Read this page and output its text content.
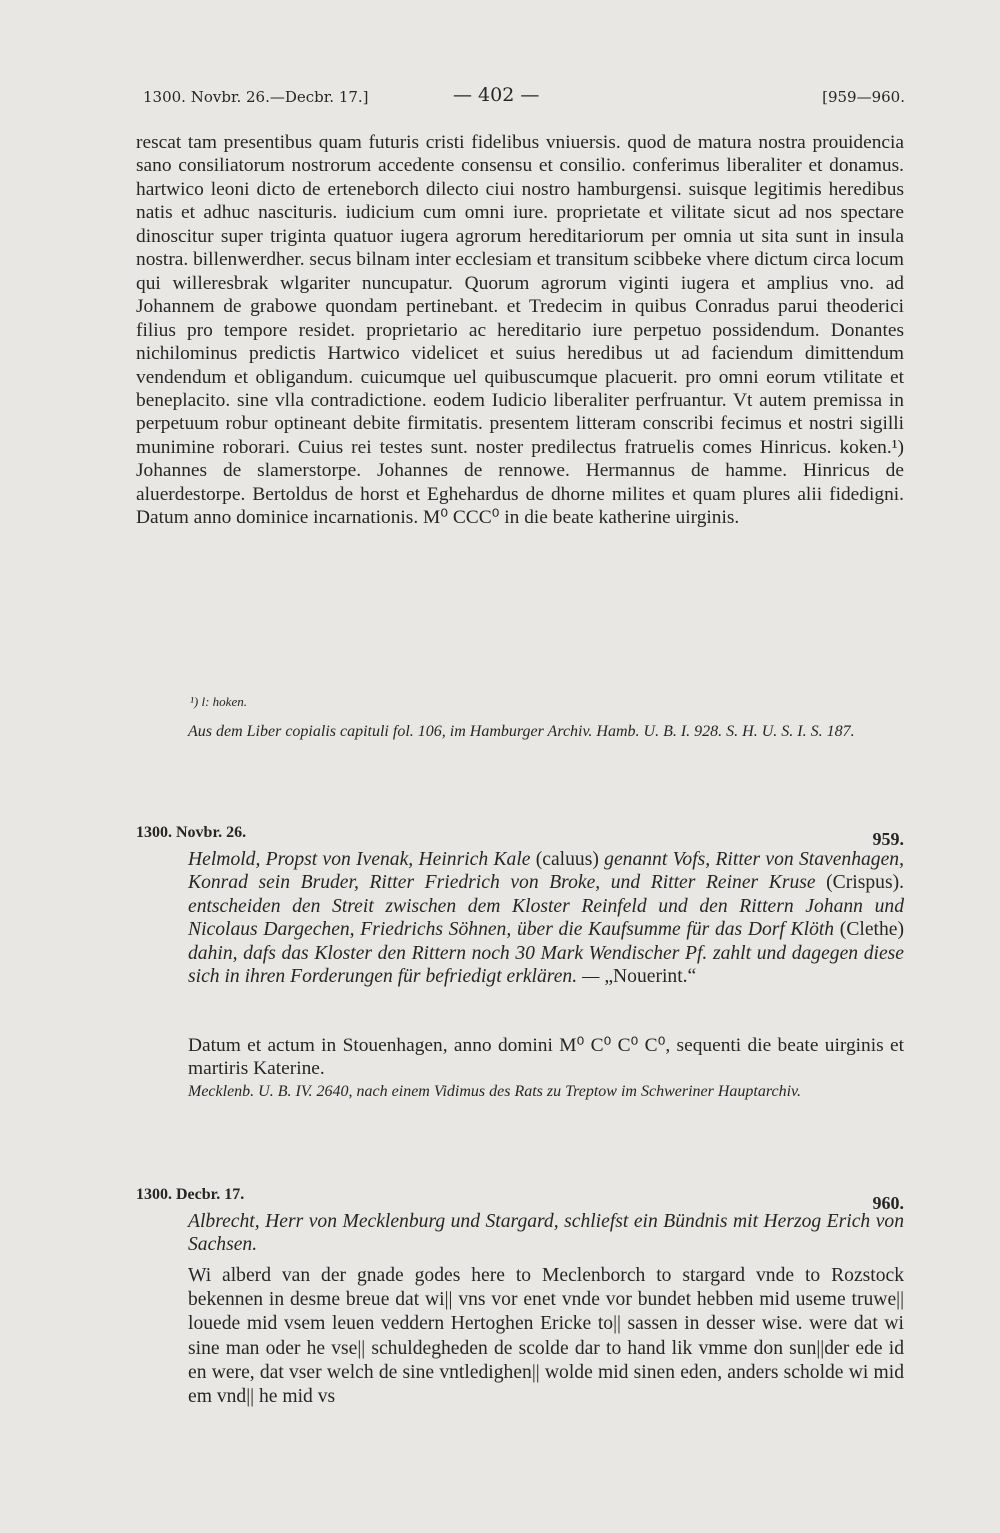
1300. Novbr. 26.—Decbr. 17.]	— 402 —	[959—960.

rescat tam presentibus quam futuris cristi fidelibus vniuersis. quod de matura nostra prouidencia sano consiliatorum nostrorum accedente consensu et consilio. conferimus liberaliter et donamus. hartwico leoni dicto de erteneborch dilecto ciui nostro hamburgensi. suisque legitimis heredibus natis et adhuc nascituris. iudicium cum omni iure. proprietate et vilitate sicut ad nos spectare dinoscitur super triginta quatuor iugera agrorum hereditariorum per omnia ut sita sunt in insula nostra. billenwerdher. secus bilnam inter ecclesiam et transitum scibbeke vhere dictum circa locum qui willeresbrak wlgariter nuncupatur. Quorum agrorum viginti iugera et amplius vno. ad Johannem de grabowe quondam pertinebant. et Tredecim in quibus Conradus parui theoderici filius pro tempore residet. proprietario ac hereditario iure perpetuo possidendum. Donantes nichilominus predictis Hartwico videlicet et suius heredibus ut ad faciendum dimittendum vendendum et obligandum. cuicumque uel quibuscumque placuerit. pro omni eorum vtilitate et beneplacito. sine vlla contradictione. eodem Iudicio liberaliter perfruantur. Vt autem premissa in perpetuum robur optineant debite firmitatis. presentem litteram conscribi fecimus et nostri sigilli munimine roborari. Cuius rei testes sunt. noster predilectus fratruelis comes Hinricus. koken.¹) Johannes de slamerstorpe. Johannes de rennowe. Hermannus de hamme. Hinricus de aluerdestorpe. Bertoldus de horst et Eghehardus de dhorne milites et quam plures alii fidedigni. Datum anno dominice incarnationis. M⁰ CCC⁰ in die beate katherine uirginis.

¹) l: hoken.

Aus dem Liber copialis capituli fol. 106, im Hamburger Archiv. Hamb. U. B. I. 928. S. H. U. S. I. S. 187.

1300. Novbr. 26.	959.

Helmold, Propst von Ivenak, Heinrich Kale (caluus) genannt Vofs, Ritter von Stavenhagen, Konrad sein Bruder, Ritter Friedrich von Broke, und Ritter Reiner Kruse (Crispus). entscheiden den Streit zwischen dem Kloster Reinfeld und den Rittern Johann und Nicolaus Dargechen, Friedrichs Söhnen, über die Kaufsumme für das Dorf Klöth (Clethe) dahin, dafs das Kloster den Rittern noch 30 Mark Wendischer Pf. zahlt und dagegen diese sich in ihren Forderungen für befriedigt erklären. — „Nouerint.“

Datum et actum in Stouenhagen, anno domini M⁰ C⁰ C⁰ C⁰, sequenti die beate uirginis et martiris Katerine.

Mecklenb. U. B. IV. 2640, nach einem Vidimus des Rats zu Treptow im Schweriner Hauptarchiv.

1300. Decbr. 17.	960.

Albrecht, Herr von Mecklenburg und Stargard, schliefst ein Bündnis mit Herzog Erich von Sachsen.

Wi alberd van der gnade godes here to Meclenborch to stargard vnde to Rozstock bekennen in desme breue dat wi|| vns vor enet vnde vor bundet hebben mid useme truwe|| louede mid vsem leuen veddern Hertoghen Ericke to|| sassen in desser wise. were dat wi sine man oder he vse|| schuldegheden de scolde dar to hand lik vmme don sun||der ede id en were, dat vser welch de sine vntledighen|| wolde mid sinen eden, anders scholde wi mid em vnd|| he mid vs
